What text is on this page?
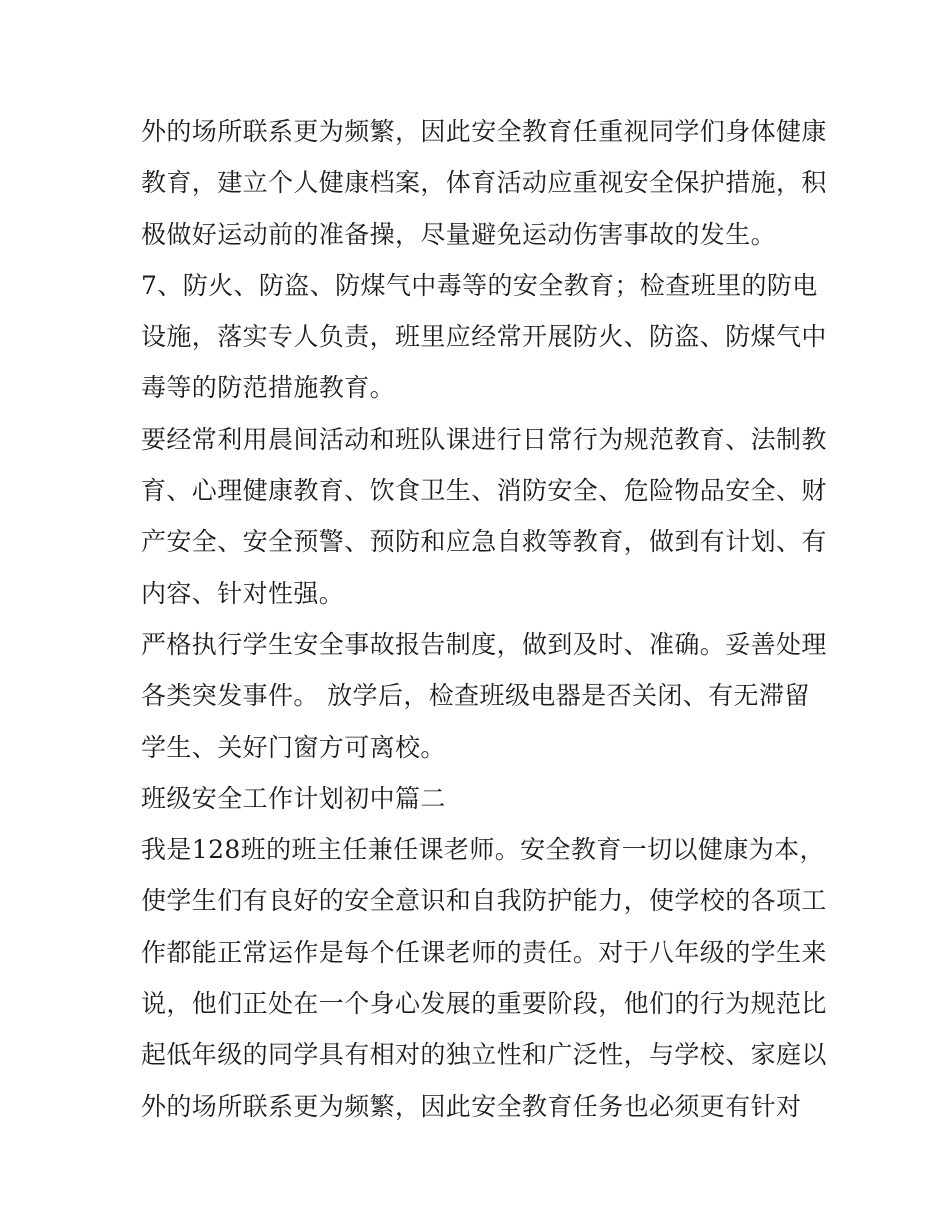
外的场所联系更为频繁，因此安全教育任重视同学们身体健康
教育，建立个人健康档案，体育活动应重视安全保护措施，积
极做好运动前的准备操，尽量避免运动伤害事故的发生。
7、防火、防盗、防煤气中毒等的安全教育；检查班里的防电
设施，落实专人负责，班里应经常开展防火、防盗、防煤气中
毒等的防范措施教育。
要经常利用晨间活动和班队课进行日常行为规范教育、法制教
育、心理健康教育、饮食卫生、消防安全、危险物品安全、财
产安全、安全预警、预防和应急自救等教育，做到有计划、有
内容、针对性强。
严格执行学生安全事故报告制度，做到及时、准确。妥善处理
各类突发事件。 放学后，检查班级电器是否关闭、有无滞留
学生、关好门窗方可离校。
班级安全工作计划初中篇二
我是128班的班主任兼任课老师。安全教育一切以健康为本，
使学生们有良好的安全意识和自我防护能力，使学校的各项工
作都能正常运作是每个任课老师的责任。对于八年级的学生来
说，他们正处在一个身心发展的重要阶段，他们的行为规范比
起低年级的同学具有相对的独立性和广泛性，与学校、家庭以
外的场所联系更为频繁，因此安全教育任务也必须更有针对
